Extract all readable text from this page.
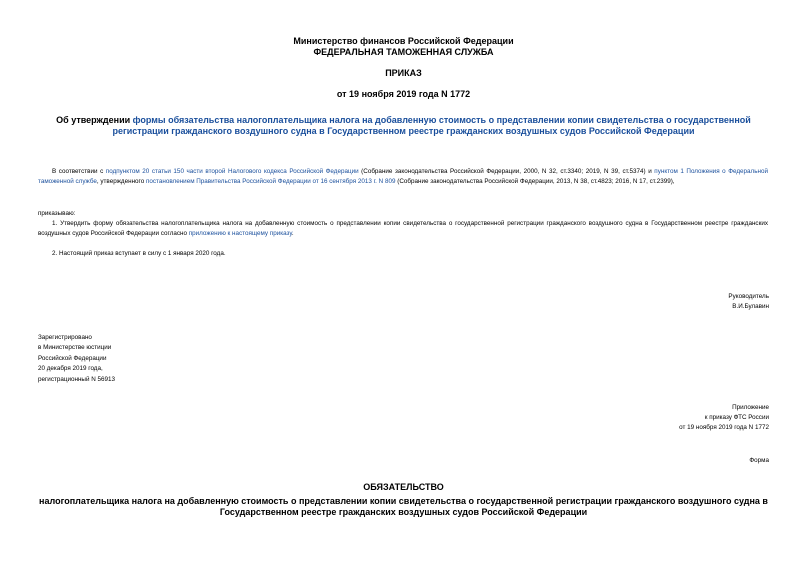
Министерство финансов Российской Федерации
ФЕДЕРАЛЬНАЯ ТАМОЖЕННАЯ СЛУЖБА
ПРИКАЗ
от 19 ноября 2019 года N 1772
Об утверждении формы обязательства налогоплательщика налога на добавленную стоимость о представлении копии свидетельства о государственной регистрации гражданского воздушного судна в Государственном реестре гражданских воздушных судов Российской Федерации
В соответствии с подпунктом 20 статьи 150 части второй Налогового кодекса Российской Федерации (Собрание законодательства Российской Федерации, 2000, N 32, ст.3340; 2019, N 39, ст.5374) и пунктом 1 Положения о Федеральной таможенной службе, утвержденного постановлением Правительства Российской Федерации от 16 сентября 2013 г. N 809 (Собрание законодательства Российской Федерации, 2013, N 38, ст.4823; 2016, N 17, ст.2399),
приказываю:
1. Утвердить форму обязательства налогоплательщика налога на добавленную стоимость о представлении копии свидетельства о государственной регистрации гражданского воздушного судна в Государственном реестре гражданских воздушных судов Российской Федерации согласно приложению к настоящему приказу.
2. Настоящий приказ вступает в силу с 1 января 2020 года.
Руководитель
В.И.Булавин
Зарегистрировано
в Министерстве юстиции
Российской Федерации
20 декабря 2019 года,
регистрационный N 56913
Приложение
к приказу ФТС России
от 19 ноября 2019 года N 1772
Форма
ОБЯЗАТЕЛЬСТВО
налогоплательщика налога на добавленную стоимость о представлении копии свидетельства о государственной регистрации гражданского воздушного судна в Государственном реестре гражданских воздушных судов Российской Федерации
